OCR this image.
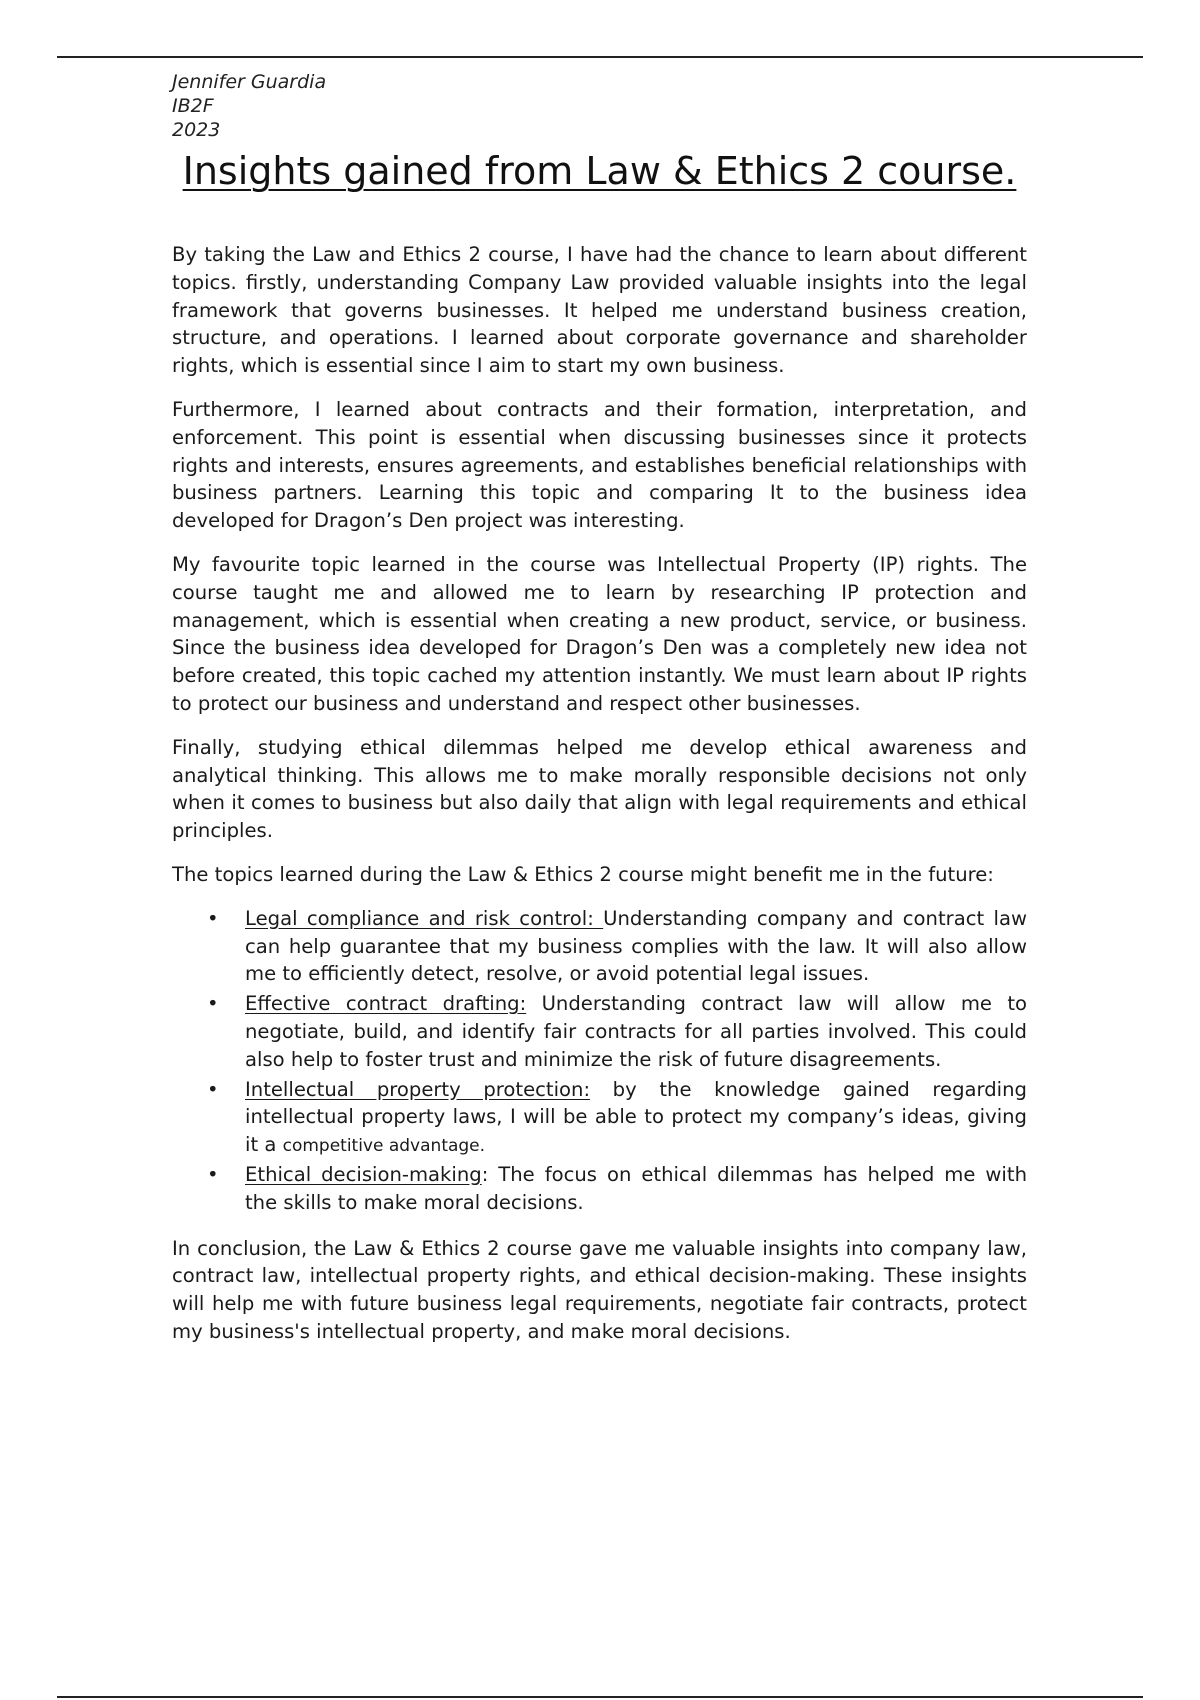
Jennifer Guardia
IB2F
2023
Insights gained from Law & Ethics 2 course.

By taking the Law and Ethics 2 course, I have had the chance to learn about different topics. firstly, understanding Company Law provided valuable insights into the legal framework that governs businesses. It helped me understand business creation, structure, and operations. I learned about corporate governance and shareholder rights, which is essential since I aim to start my own business.

Furthermore, I learned about contracts and their formation, interpretation, and enforcement. This point is essential when discussing businesses since it protects rights and interests, ensures agreements, and establishes beneficial relationships with business partners. Learning this topic and comparing It to the business idea developed for Dragon’s Den project was interesting.

My favourite topic learned in the course was Intellectual Property (IP) rights. The course taught me and allowed me to learn by researching IP protection and management, which is essential when creating a new product, service, or business. Since the business idea developed for Dragon’s Den was a completely new idea not before created, this topic cached my attention instantly. We must learn about IP rights to protect our business and understand and respect other businesses.

Finally, studying ethical dilemmas helped me develop ethical awareness and analytical thinking. This allows me to make morally responsible decisions not only when it comes to business but also daily that align with legal requirements and ethical principles.

The topics learned during the Law & Ethics 2 course might benefit me in the future:

• Legal compliance and risk control: Understanding company and contract law can help guarantee that my business complies with the law. It will also allow me to efficiently detect, resolve, or avoid potential legal issues.
• Effective contract drafting: Understanding contract law will allow me to negotiate, build, and identify fair contracts for all parties involved. This could also help to foster trust and minimize the risk of future disagreements.
• Intellectual property protection: by the knowledge gained regarding intellectual property laws, I will be able to protect my company’s ideas, giving it a competitive advantage.
• Ethical decision-making: The focus on ethical dilemmas has helped me with the skills to make moral decisions.

In conclusion, the Law & Ethics 2 course gave me valuable insights into company law, contract law, intellectual property rights, and ethical decision-making. These insights will help me with future business legal requirements, negotiate fair contracts, protect my business's intellectual property, and make moral decisions.
